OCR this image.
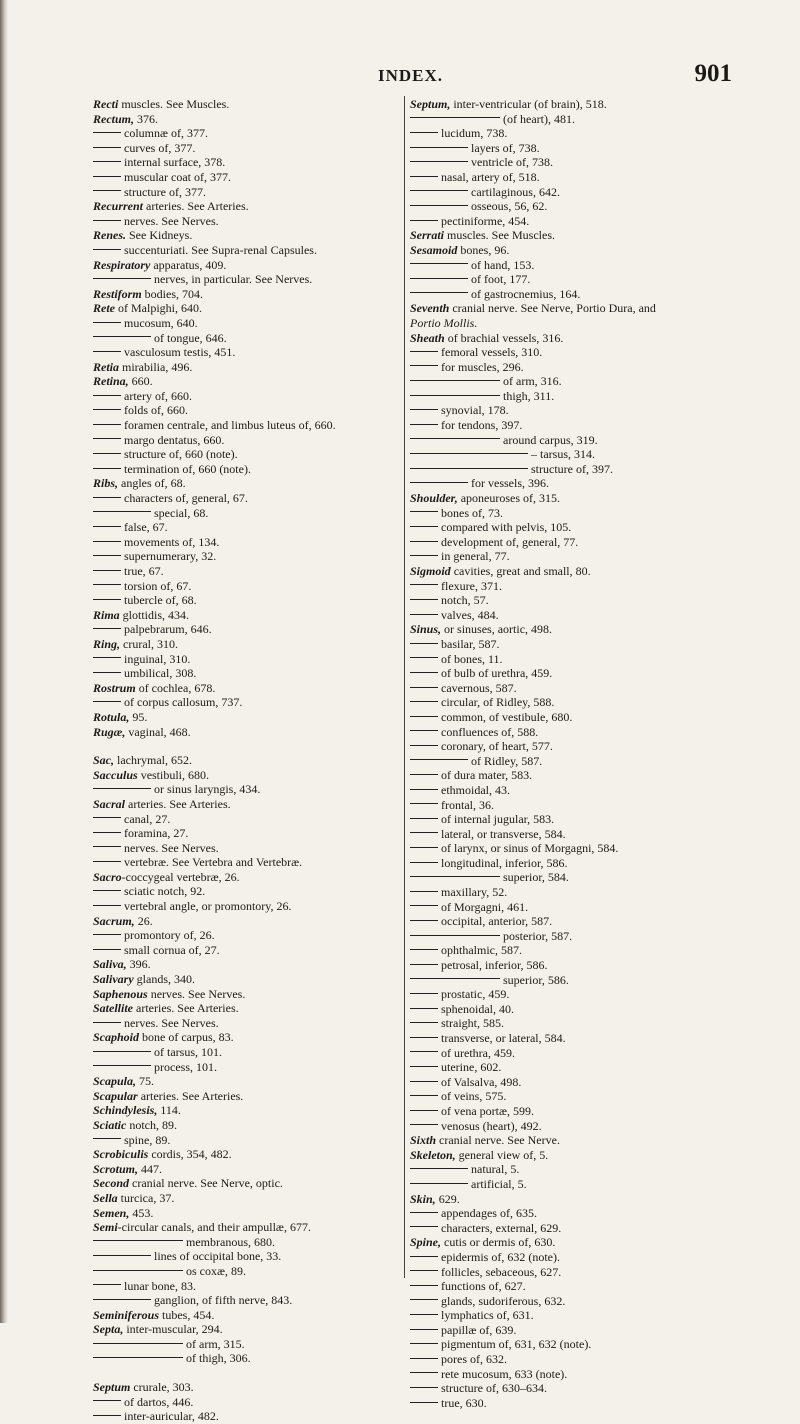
INDEX.	901
Recti muscles. See Muscles.
Rectum, 376.
columnæ of, 377.
curves of, 377.
internal surface, 378.
muscular coat of, 377.
structure of, 377.
Recurrent arteries. See Arteries.
nerves. See Nerves.
Renes. See Kidneys.
succenturiati. See Supra-renal Capsules.
Respiratory apparatus, 409.
nerves, in particular. See Nerves.
Restiform bodies, 704.
Rete of Malpighi, 640.
mucosum, 640.
of tongue, 646.
vasculosum testis, 451.
Retia mirabilia, 496.
Retina, 660.
artery of, 660.
folds of, 660.
foramen centrale, and limbus luteus of, 660.
margo dentatus, 660.
structure of, 660 (note).
termination of, 660 (note).
Ribs, angles of, 68.
characters of, general, 67.
special, 68.
false, 67.
movements of, 134.
supernumerary, 32.
true, 67.
torsion of, 67.
tubercle of, 68.
Rima glottidis, 434.
palpebrarum, 646.
Ring, crural, 310.
inguinal, 310.
umbilical, 308.
Rostrum of cochlea, 678.
of corpus callosum, 737.
Rotula, 95.
Rugæ, vaginal, 468.
Sac, lachrymal, 652.
Sacculus vestibuli, 680.
or sinus laryngis, 434.
Sacral arteries. See Arteries.
canal, 27.
foramina, 27.
nerves. See Nerves.
vertebræ. See Vertebra and Vertebræ.
Sacro-coccygeal vertebræ, 26.
sciatic notch, 92.
vertebral angle, or promontory, 26.
Sacrum, 26.
promontory of, 26.
small cornua of, 27.
Saliva, 396.
Salivary glands, 340.
Saphenous nerves. See Nerves.
Satellite arteries. See Arteries.
nerves. See Nerves.
Scaphoid bone of carpus, 83.
of tarsus, 101.
process, 101.
Scapula, 75.
Scapular arteries. See Arteries.
Schindylesis, 114.
Sciatic notch, 89.
spine, 89.
Scrobiculis cordis, 354, 482.
Scrotum, 447.
Second cranial nerve. See Nerve, optic.
Sella turcica, 37.
Semen, 453.
Semi-circular canals, and their ampullæ, 677.
membranous, 680.
lines of occipital bone, 33.
os coxæ, 89.
lunar bone, 83.
ganglion, of fifth nerve, 843.
Seminiferous tubes, 454.
Septa, inter-muscular, 294.
of arm, 315.
of thigh, 306.
Septum crurale, 303.
of dartos, 446.
inter-auricular, 482.
Septum, inter-ventricular (of brain), 518.
(of heart), 481.
lucidum, 738.
layers of, 738.
ventricle of, 738.
nasal, artery of, 518.
cartilaginous, 642.
osseous, 56, 62.
pectiniforme, 454.
Serrati muscles. See Muscles.
Sesamoid bones, 96.
of hand, 153.
of foot, 177.
of gastrocnemius, 164.
Seventh cranial nerve. See Nerve, Portio Dura, and
Portio Mollis.
Sheath of brachial vessels, 316.
femoral vessels, 310.
for muscles, 296.
of arm, 316.
thigh, 311.
synovial, 178.
for tendons, 397.
around carpus, 319.
– tarsus, 314.
structure of, 397.
for vessels, 396.
Shoulder, aponeuroses of, 315.
bones of, 73.
compared with pelvis, 105.
development of, general, 77.
in general, 77.
Sigmoid cavities, great and small, 80.
flexure, 371.
notch, 57.
valves, 484.
Sinus, or sinuses, aortic, 498.
basilar, 587.
of bones, 11.
of bulb of urethra, 459.
cavernous, 587.
circular, of Ridley, 588.
common, of vestibule, 680.
confluences of, 588.
coronary, of heart, 577.
of Ridley, 587.
of dura mater, 583.
ethmoidal, 43.
frontal, 36.
of internal jugular, 583.
lateral, or transverse, 584.
of larynx, or sinus of Morgagni, 584.
longitudinal, inferior, 586.
superior, 584.
maxillary, 52.
of Morgagni, 461.
occipital, anterior, 587.
posterior, 587.
ophthalmic, 587.
petrosal, inferior, 586.
superior, 586.
prostatic, 459.
sphenoidal, 40.
straight, 585.
transverse, or lateral, 584.
of urethra, 459.
uterine, 602.
of Valsalva, 498.
of veins, 575.
of vena portæ, 599.
venosus (heart), 492.
Sixth cranial nerve. See Nerve.
Skeleton, general view of, 5.
natural, 5.
artificial, 5.
Skin, 629.
appendages of, 635.
characters, external, 629.
Spine, cutis or dermis of, 630.
epidermis of, 632 (note).
follicles, sebaceous, 627.
functions of, 627.
glands, sudoriferous, 632.
lymphatics of, 631.
papillæ of, 639.
pigmentum of, 631, 632 (note).
pores of, 632.
rete mucosum, 633 (note).
structure of, 630–634.
true, 630.
